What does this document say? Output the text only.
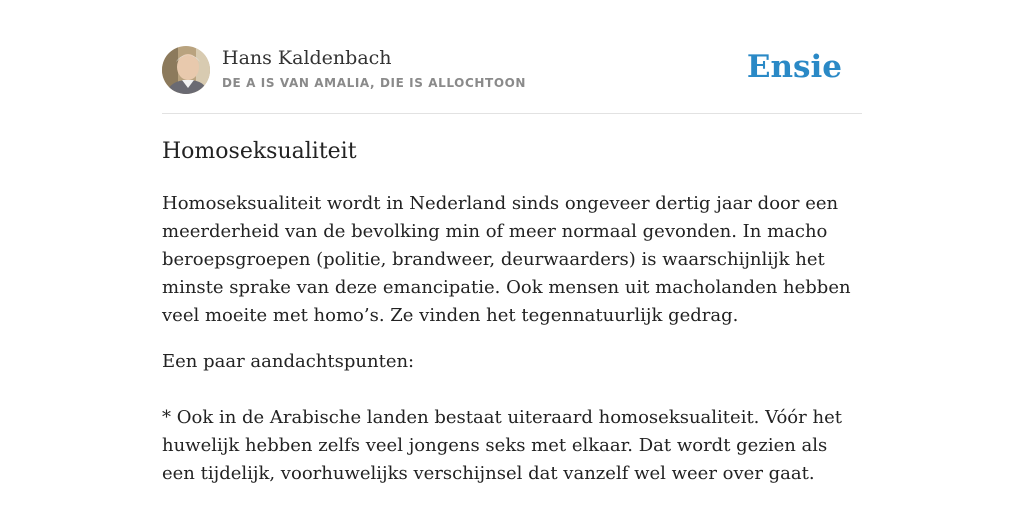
Hans Kaldenbach
DE A IS VAN AMALIA, DIE IS ALLOCHTOON	Ensie
Homoseksualiteit

Homoseksualiteit wordt in Nederland sinds ongeveer dertig jaar door een meerderheid van de bevolking min of meer normaal gevonden. In macho beroepsgroepen (politie, brandweer, deurwaarders) is waarschijnlijk het minste sprake van deze emancipatie. Ook mensen uit macholanden hebben veel moeite met homo’s. Ze vinden het tegennatuurlijk gedrag.

Een paar aandachtspunten:

* Ook in de Arabische landen bestaat uiteraard homoseksualiteit. Vóór het huwelijk hebben zelfs veel jongens seks met elkaar. Dat wordt gezien als een tijdelijk, voorhuwelijks verschijnsel dat vanzelf wel weer over gaat.
